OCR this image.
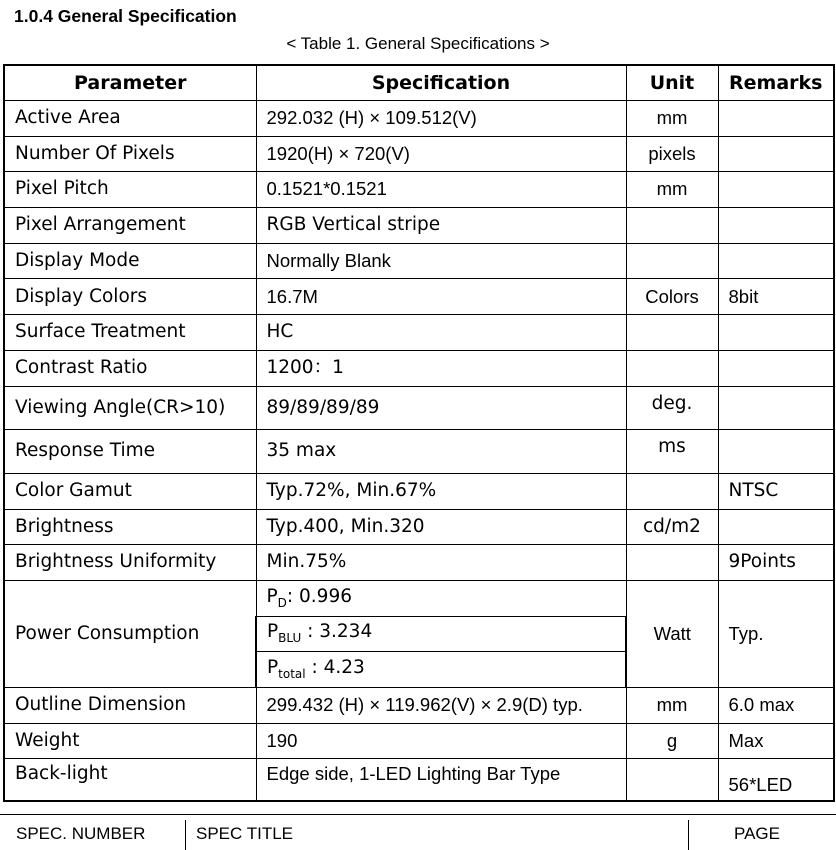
1.0.4 General Specification
< Table 1. General Specifications >
Parameter	Specification	Unit	Remarks
Active Area	292.032 (H) × 109.512(V)	mm	
Number Of Pixels	1920(H) × 720(V)	pixels	
Pixel Pitch	0.1521*0.1521	mm	
Pixel Arrangement	RGB Vertical stripe		
Display Mode	Normally Blank		
Display Colors	16.7M	Colors	8bit
Surface Treatment	HC		
Contrast Ratio	1200：1		
Viewing Angle(CR>10)	89/89/89/89	deg.	
Response Time	35 max	ms	
Color Gamut	Typ.72%, Min.67%		NTSC
Brightness	Typ.400, Min.320	cd/m2	
Brightness Uniformity	Min.75%		9Points
Power Consumption	$P_D$: 0.996	Watt	Typ.
	$P_{BLU}$ : 3.234		
	$P_{total}$ : 4.23		
Outline Dimension	299.432 (H) × 119.962(V) × 2.9(D) typ.	mm	6.0 max
Weight	190	g	Max
Back-light	Edge side, 1-LED Lighting Bar Type		56*LED
SPEC. NUMBER	SPEC TITLE	PAGE
